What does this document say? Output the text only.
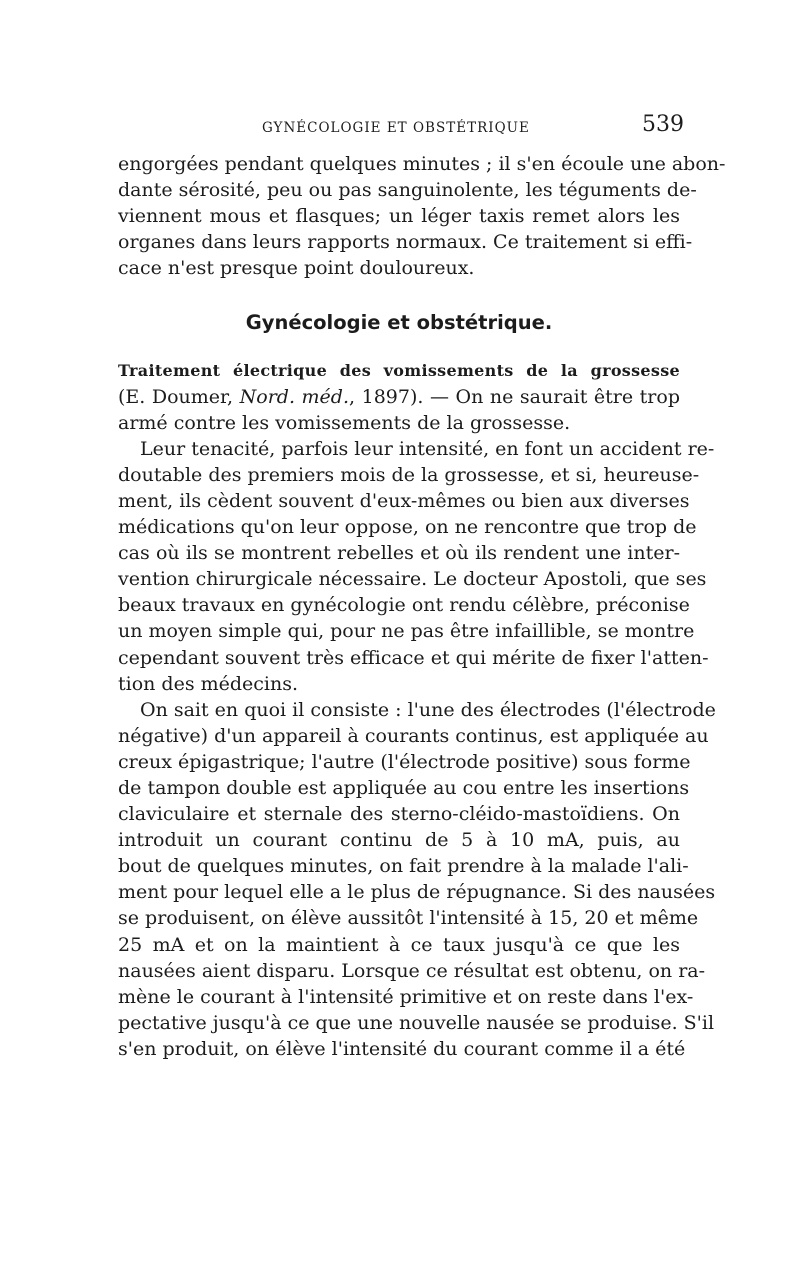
GYNÉCOLOGIE ET OBSTÉTRIQUE	539
engorgées pendant quelques minutes ; il s'en écoule une abon-
dante sérosité, peu ou pas sanguinolente, les téguments de-
viennent mous et flasques; un léger taxis remet alors les
organes dans leurs rapports normaux. Ce traitement si effi-
cace n'est presque point douloureux.
Gynécologie et obstétrique.
Traitement électrique des vomissements de la grossesse
(E. Doumer, Nord. méd., 1897). — On ne saurait être trop
armé contre les vomissements de la grossesse.
Leur tenacité, parfois leur intensité, en font un accident re-
doutable des premiers mois de la grossesse, et si, heureuse-
ment, ils cèdent souvent d'eux-mêmes ou bien aux diverses
médications qu'on leur oppose, on ne rencontre que trop de
cas où ils se montrent rebelles et où ils rendent une inter-
vention chirurgicale nécessaire. Le docteur Apostoli, que ses
beaux travaux en gynécologie ont rendu célèbre, préconise
un moyen simple qui, pour ne pas être infaillible, se montre
cependant souvent très efficace et qui mérite de fixer l'atten-
tion des médecins.
On sait en quoi il consiste : l'une des électrodes (l'électrode
négative) d'un appareil à courants continus, est appliquée au
creux épigastrique; l'autre (l'électrode positive) sous forme
de tampon double est appliquée au cou entre les insertions
claviculaire et sternale des sterno-cléido-mastoïdiens. On
introduit un courant continu de 5 à 10 mA, puis, au
bout de quelques minutes, on fait prendre à la malade l'ali-
ment pour lequel elle a le plus de répugnance. Si des nausées
se produisent, on élève aussitôt l'intensité à 15, 20 et même
25 mA et on la maintient à ce taux jusqu'à ce que les
nausées aient disparu. Lorsque ce résultat est obtenu, on ra-
mène le courant à l'intensité primitive et on reste dans l'ex-
pectative jusqu'à ce que une nouvelle nausée se produise. S'il
s'en produit, on élève l'intensité du courant comme il a été
